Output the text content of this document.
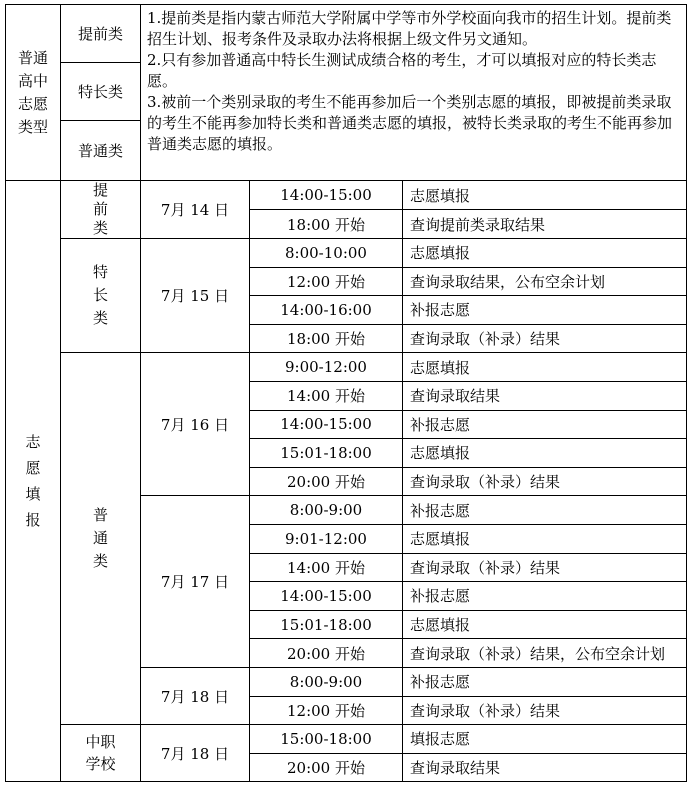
普通高中志愿类型	提前类	1.提前类是指内蒙古师范大学附属中学等市外学校面向我市的招生计划。提前类招生计划、报考条件及录取办法将根据上级文件另文通知。
2.只有参加普通高中特长生测试成绩合格的考生，才可以填报对应的特长类志愿。
3.被前一个类别录取的考生不能再参加后一个类别志愿的填报，即被提前类录取的考生不能再参加特长类和普通类志愿的填报，被特长类录取的考生不能再参加普通类志愿的填报。		

	特长类			
	普通类			
志愿填报	提前类	7月 14 日	14:00-15:00	志愿填报
			18:00 开始	查询提前类录取结果
	特长类	7月 15 日	8:00-10:00	志愿填报
			12:00 开始	查询录取结果，公布空余计划
			14:00-16:00	补报志愿
			18:00 开始	查询录取（补录）结果
	普通类	7月 16 日	9:00-12:00	志愿填报
			14:00 开始	查询录取结果
			14:00-15:00	补报志愿
			15:01-18:00	志愿填报
			20:00 开始	查询录取（补录）结果
		7月 17 日	8:00-9:00	补报志愿
			9:01-12:00	志愿填报
			14:00 开始	查询录取（补录）结果
			14:00-15:00	补报志愿
			15:01-18:00	志愿填报
			20:00 开始	查询录取（补录）结果，公布空余计划
		7月 18 日	8:00-9:00	补报志愿
			12:00 开始	查询录取（补录）结果
	中职学校	7月 18 日	15:00-18:00	填报志愿
			20:00 开始	查询录取结果
